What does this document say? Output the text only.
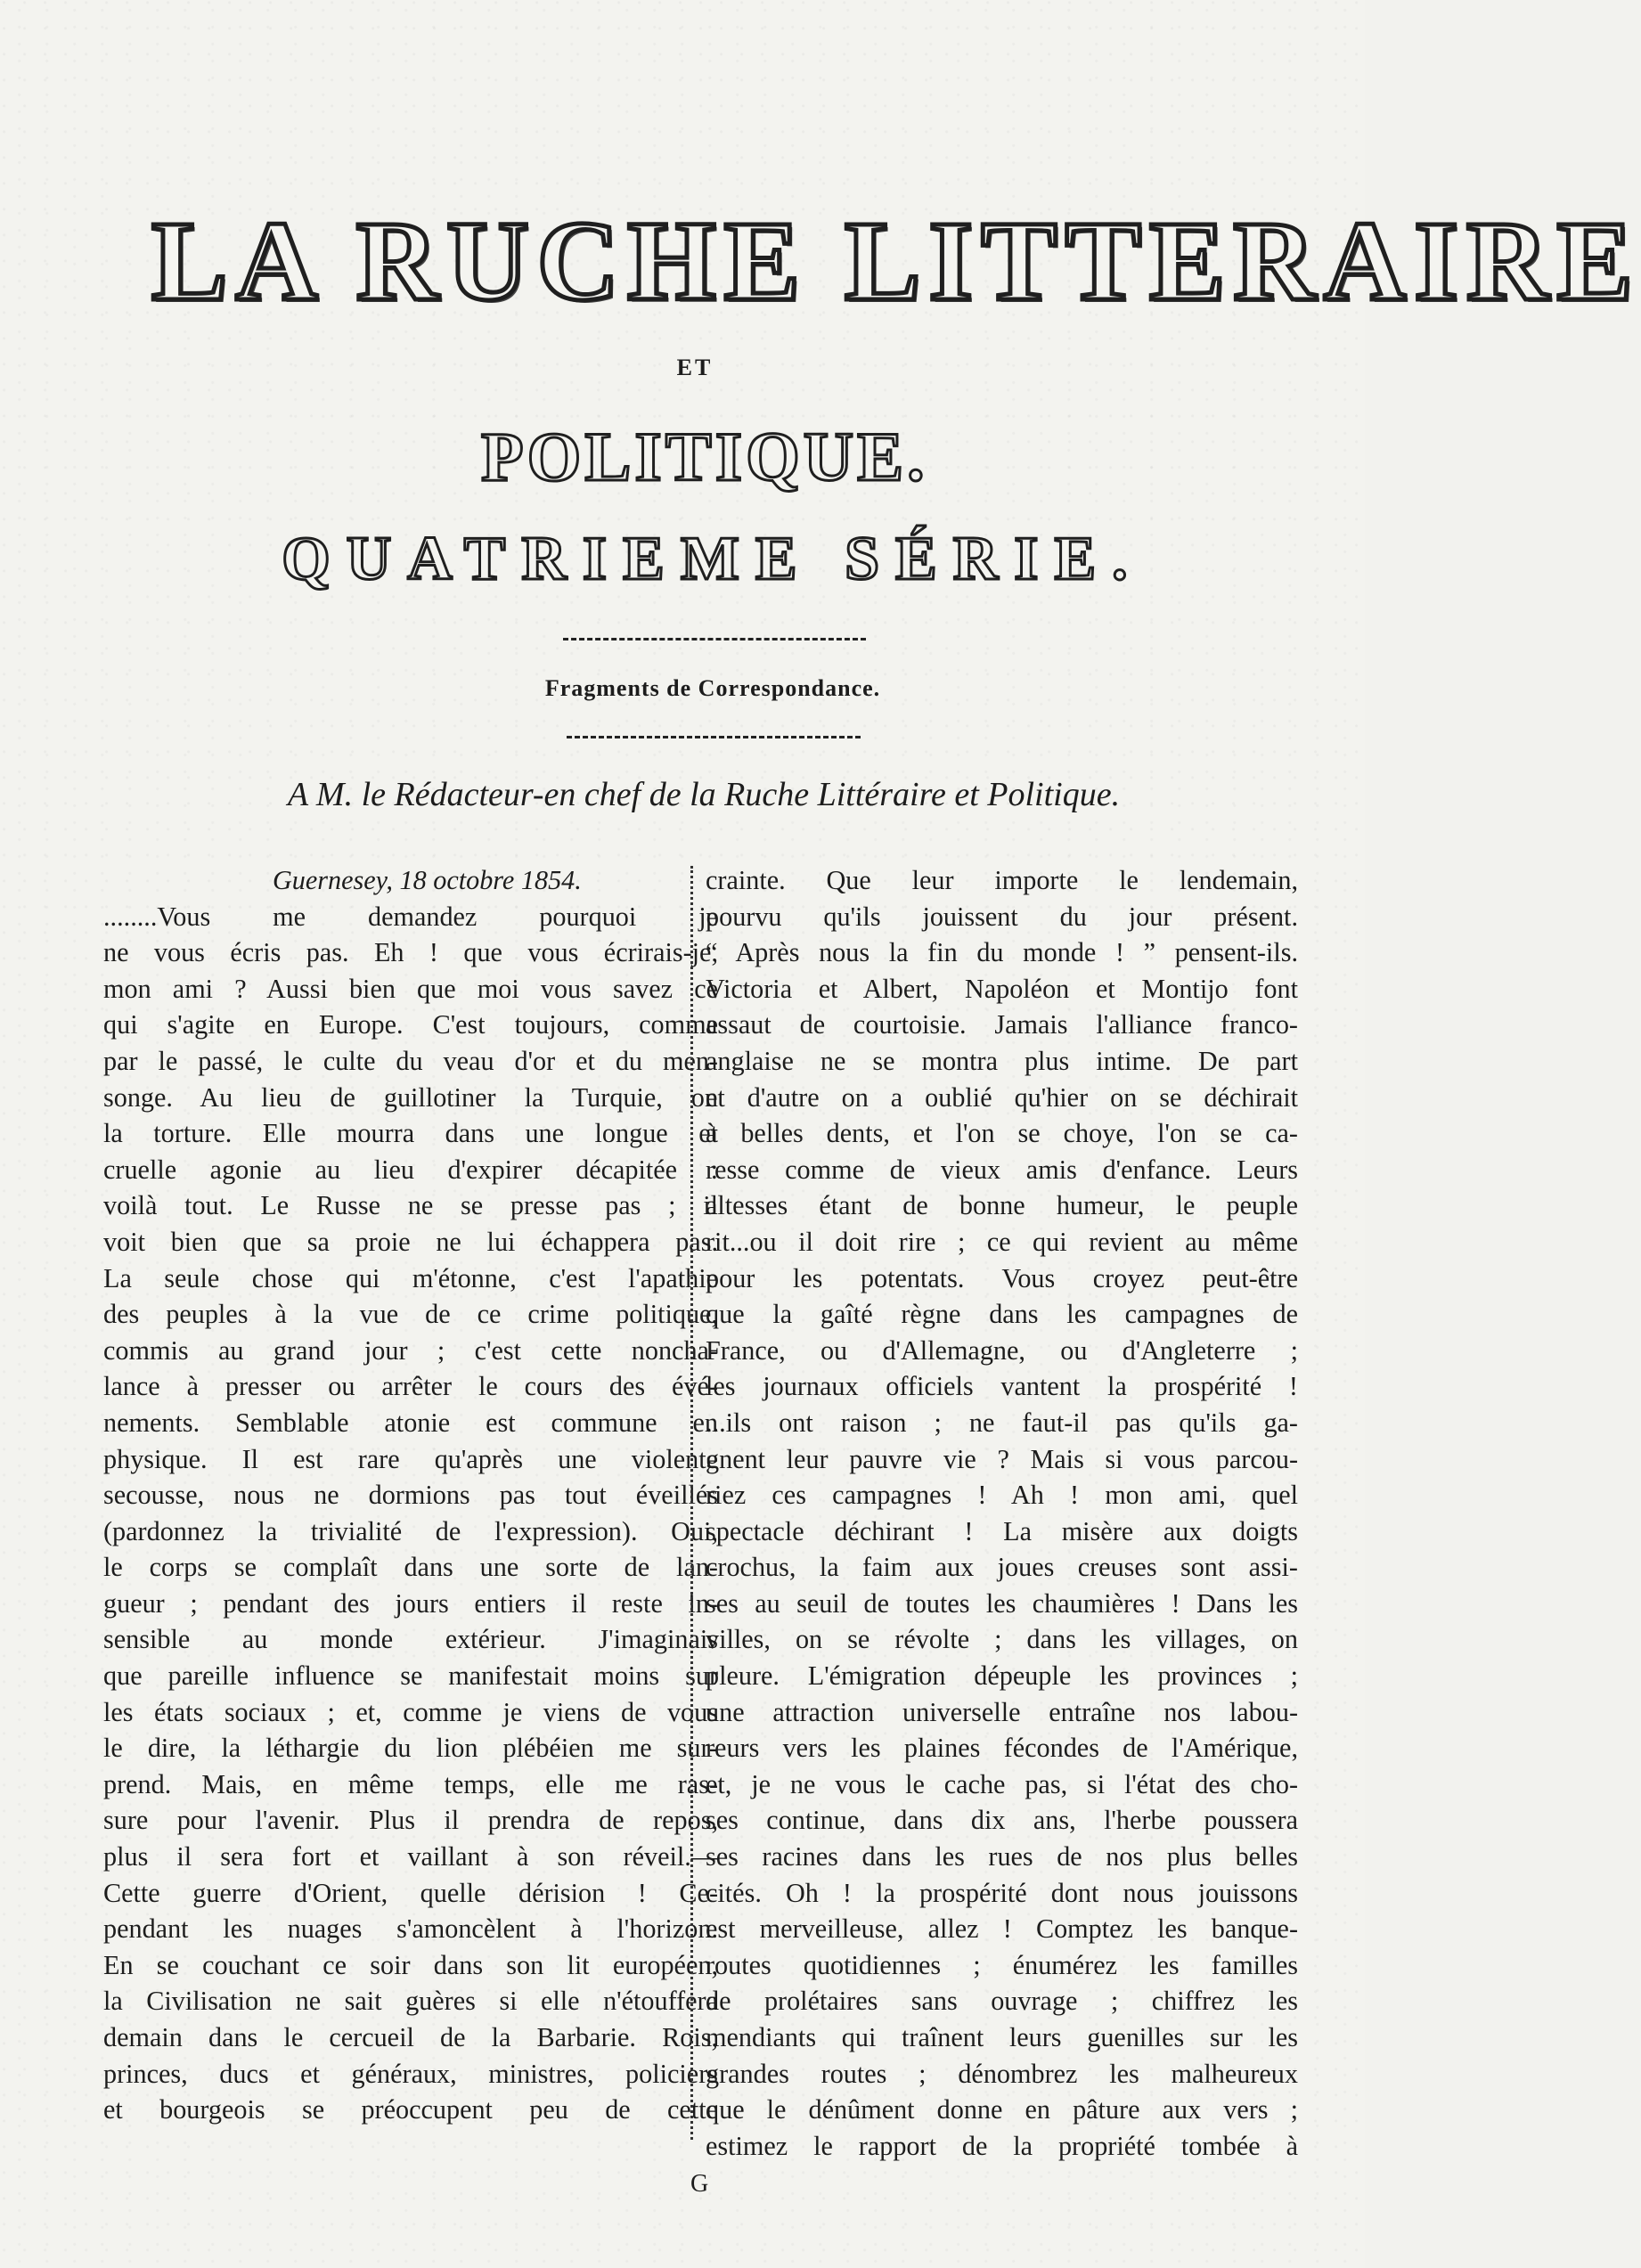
LA RUCHE LITTERAIRE
ET
POLITIQUE.
QUATRIEME SÉRIE.
Fragments de Correspondance.
A M. le Rédacteur-en chef de la Ruche Littéraire et Politique.
Guernesey, 18 octobre 1854.
........Vous me demandez pourquoi je
ne vous écris pas. Eh ! que vous écrirais-je,
mon ami ? Aussi bien que moi vous savez ce
qui s'agite en Europe. C'est toujours, comme
par le passé, le culte du veau d'or et du men-
songe. Au lieu de guillotiner la Turquie, on
la torture. Elle mourra dans une longue et
cruelle agonie au lieu d'expirer décapitée :
voilà tout. Le Russe ne se presse pas ; il
voit bien que sa proie ne lui échappera pas.
La seule chose qui m'étonne, c'est l'apathie
des peuples à la vue de ce crime politique,
commis au grand jour ; c'est cette noncha-
lance à presser ou arrêter le cours des évé-
nements. Semblable atonie est commune en
physique. Il est rare qu'après une violente
secousse, nous ne dormions pas tout éveillés
(pardonnez la trivialité de l'expression). Oui,
le corps se complaît dans une sorte de lan-
gueur ; pendant des jours entiers il reste in-
sensible au monde extérieur. J'imaginais
que pareille influence se manifestait moins sur
les états sociaux ; et, comme je viens de vous
le dire, la léthargie du lion plébéien me sur-
prend. Mais, en même temps, elle me ras-
sure pour l'avenir. Plus il prendra de repos,
plus il sera fort et vaillant à son réveil.—
Cette guerre d'Orient, quelle dérision ! Ce-
pendant les nuages s'amoncèlent à l'horizon.
En se couchant ce soir dans son lit européen,
la Civilisation ne sait guères si elle n'étouffera
demain dans le cercueil de la Barbarie. Rois,
princes, ducs et généraux, ministres, policiers
et bourgeois se préoccupent peu de cette
crainte. Que leur importe le lendemain,
pourvu qu'ils jouissent du jour présent.
“ Après nous la fin du monde ! ” pensent-ils.
Victoria et Albert, Napoléon et Montijo font
assaut de courtoisie. Jamais l'alliance franco-
anglaise ne se montra plus intime. De part
et d'autre on a oublié qu'hier on se déchirait
à belles dents, et l'on se choye, l'on se ca-
resse comme de vieux amis d'enfance. Leurs
altesses étant de bonne humeur, le peuple
rit...ou il doit rire ; ce qui revient au même
pour les potentats. Vous croyez peut-être
que la gaîté règne dans les campagnes de
France, ou d'Allemagne, ou d'Angleterre ;
les journaux officiels vantent la prospérité !
...ils ont raison ; ne faut-il pas qu'ils ga-
gnent leur pauvre vie ? Mais si vous parcou-
riez ces campagnes ! Ah ! mon ami, quel
spectacle déchirant ! La misère aux doigts
crochus, la faim aux joues creuses sont assi-
ses au seuil de toutes les chaumières ! Dans les
villes, on se révolte ; dans les villages, on
pleure. L'émigration dépeuple les provinces ;
une attraction universelle entraîne nos labou-
reurs vers les plaines fécondes de l'Amérique,
et, je ne vous le cache pas, si l'état des cho-
ses continue, dans dix ans, l'herbe poussera
ses racines dans les rues de nos plus belles
cités. Oh ! la prospérité dont nous jouissons
est merveilleuse, allez ! Comptez les banque-
routes quotidiennes ; énumérez les familles
de prolétaires sans ouvrage ; chiffrez les
mendiants qui traînent leurs guenilles sur les
grandes routes ; dénombrez les malheureux
que le dénûment donne en pâture aux vers ;
estimez le rapport de la propriété tombée à
G
